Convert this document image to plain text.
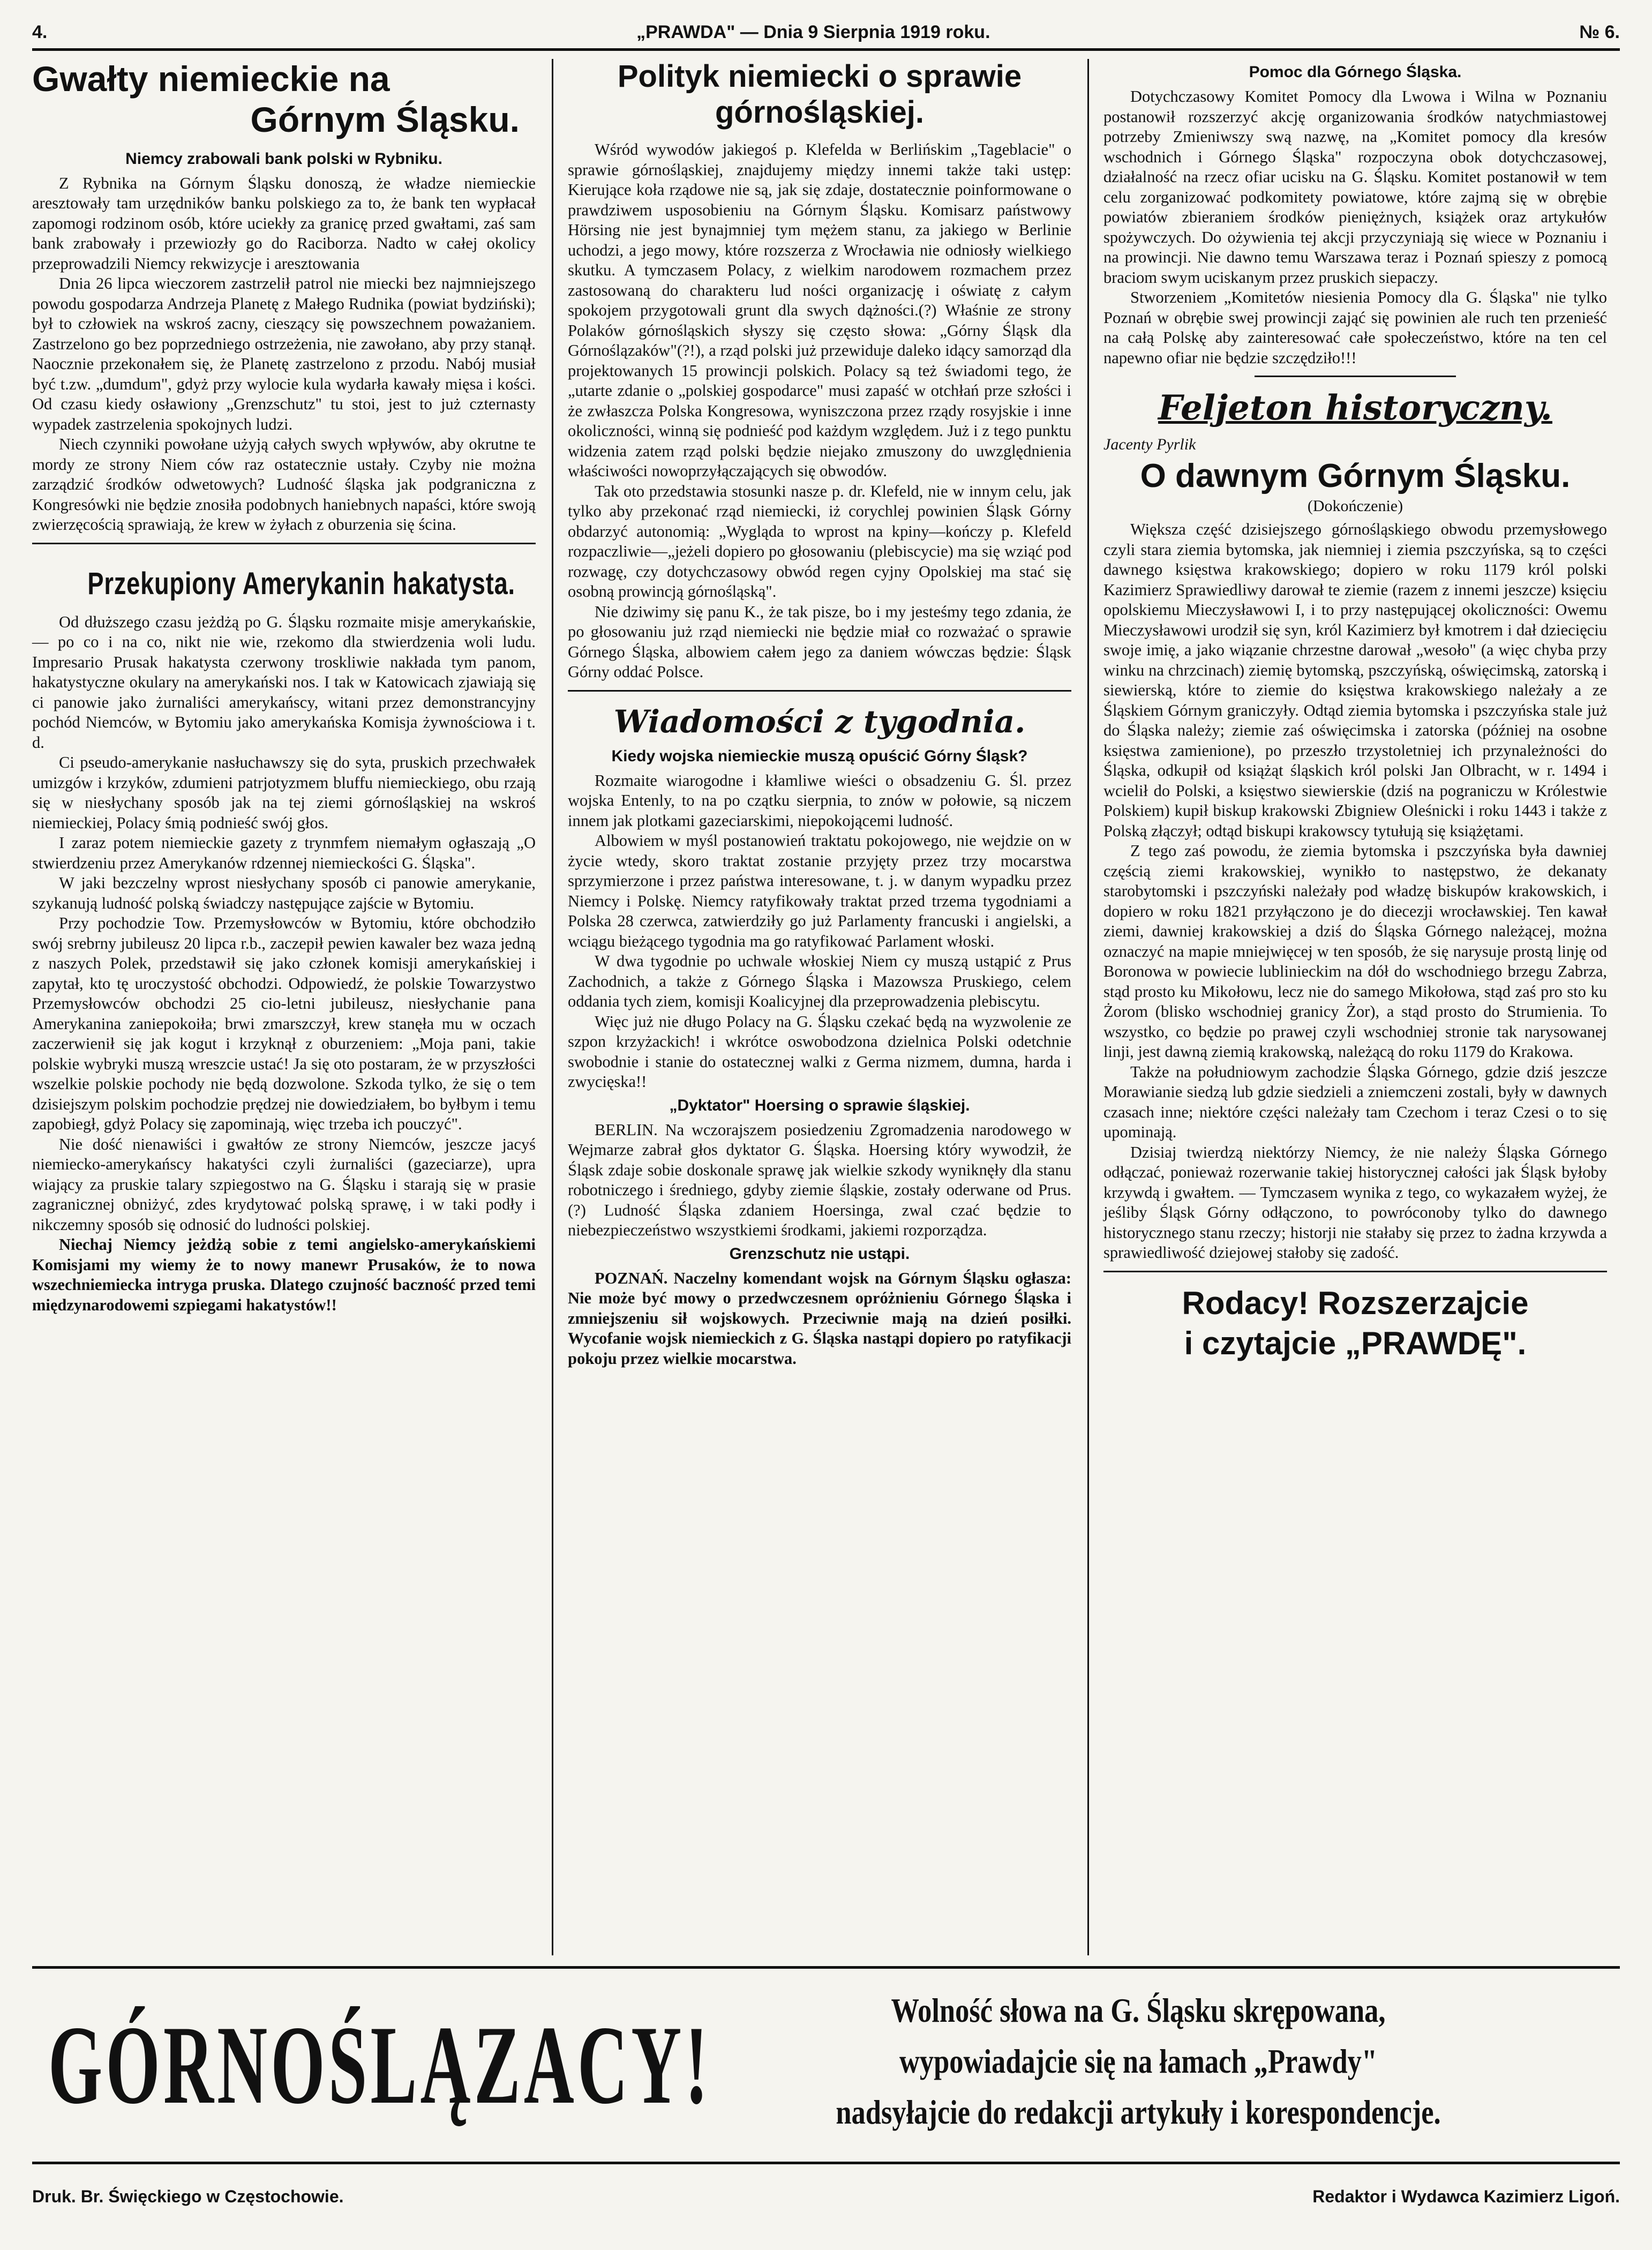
4.	„PRAWDA" — Dnia 9 Sierpnia 1919 roku.	№ 6.
Gwałty niemieckie na
Górnym Śląsku.
Niemcy zrabowali bank polski w Rybniku.

Z Rybnika na Górnym Śląsku donoszą, że władze niemieckie aresztowały tam urzędników banku polskiego za to, że bank ten wypłacał zapomogi rodzinom osób, które uciekły za granicę przed gwałtami, zaś sam bank zrabowały i przewiozły go do Raciborza. Nadto w całej okolicy przeprowadzili Niemcy rekwizycje i aresztowania

Dnia 26 lipca wieczorem zastrzelił patrol nie miecki bez najmniejszego powodu gospodarza Andrzeja Planetę z Małego Rudnika (powiat bydziński); był to człowiek na wskroś zacny, cieszący się powszechnem poważaniem. Zastrzelono go bez poprzedniego ostrzeżenia, nie zawołano, aby przy stanął. Naocznie przekonałem się, że Planetę zastrzelono z przodu. Nabój musiał być t.zw. „dumdum", gdyż przy wylocie kula wydarła kawały mięsa i kości. Od czasu kiedy osławiony „Grenzschutz" tu stoi, jest to już czternasty wypadek zastrzelenia spokojnych ludzi.

Niech czynniki powołane użyją całych swych wpływów, aby okrutne te mordy ze strony Niem ców raz ostatecznie ustały. Czyby nie można zarządzić środków odwetowych? Ludność śląska jak podgraniczna z Kongresówki nie będzie znosiła podobnych haniebnych napaści, które swoją zwierzęcością sprawiają, że krew w żyłach z oburzenia się ścina.

Przekupiony Amerykanin hakatysta.

Od dłuższego czasu jeżdżą po G. Śląsku rozmaite misje amerykańskie, — po co i na co, nikt nie wie, rzekomo dla stwierdzenia woli ludu. Impresario Prusak hakatysta czerwony troskliwie nakłada tym panom, hakatystyczne okulary na amerykański nos. I tak w Katowicach zjawiają się ci panowie jako żurnaliści amerykańscy, witani przez demonstrancyjny pochód Niemców, w Bytomiu jako amerykańska Komisja żywnościowa i t. d.

Ci pseudo-amerykanie nasłuchawszy się do syta, pruskich przechwałek umizgów i krzyków, zdumieni patrjotyzmem bluffu niemieckiego, obu rzają się w niesłychany sposób jak na tej ziemi górnośląskiej na wskroś niemieckiej, Polacy śmią podnieść swój głos.

I zaraz potem niemieckie gazety z trynmfem niemałym ogłaszają „O stwierdzeniu przez Amerykanów rdzennej niemieckości G. Śląska".

W jaki bezczelny wprost niesłychany sposób ci panowie amerykanie, szykanują ludność polską świadczy następujące zajście w Bytomiu.

Przy pochodzie Tow. Przemysłowców w Bytomiu, które obchodziło swój srebrny jubileusz 20 lipca r.b., zaczepił pewien kawaler bez waza jedną z naszych Polek, przedstawił się jako członek komisji amerykańskiej i zapytał, kto tę uroczystość obchodzi. Odpowiedź, że polskie Towarzystwo Przemysłowców obchodzi 25 cio-letni jubileusz, niesłychanie pana Amerykanina zaniepokoiła; brwi zmarszczył, krew stanęła mu w oczach zaczerwienił się jak kogut i krzyknął z oburzeniem: „Moja pani, takie polskie wybryki muszą wreszcie ustać! Ja się oto postaram, że w przyszłości wszelkie polskie pochody nie będą dozwolone. Szkoda tylko, że się o tem dzisiejszym polskim pochodzie prędzej nie dowiedziałem, bo byłbym i temu zapobiegł, gdyż Polacy się zapominają, więc trzeba ich pouczyć".

Nie dość nienawiści i gwałtów ze strony Niemców, jeszcze jacyś niemiecko-amerykańscy hakatyści czyli żurnaliści (gazeciarze), upra wiający za pruskie talary szpiegostwo na G. Śląsku i starają się w prasie zagranicznej obniżyć, zdes krydytować polską sprawę, i w taki podły i nikczemny sposób się odnosić do ludności polskiej.

Niechaj Niemcy jeżdżą sobie z temi angielsko-amerykańskiemi Komisjami my wiemy że to nowy manewr Prusaków, że to nowa wszechniemiecka intryga pruska. Dlatego czujność baczność przed temi międzynarodowemi szpiegami hakatystów!!

Polityk niemiecki o sprawie
górnośląskiej.

Wśród wywodów jakiegoś p. Klefelda w Berlińskim „Tageblacie" o sprawie górnośląskiej, znajdujemy między innemi także taki ustęp: Kierujące koła rządowe nie są, jak się zdaje, dostatecznie poinformowane o prawdziwem usposobieniu na Górnym Śląsku. Komisarz państwowy Hörsing nie jest bynajmniej tym mężem stanu, za jakiego w Berlinie uchodzi, a jego mowy, które rozszerza z Wrocławia nie odniosły wielkiego skutku. A tymczasem Polacy, z wielkim narodowem rozmachem przez zastosowaną do charakteru lud ności organizację i oświatę z całym spokojem przygotowali grunt dla swych dążności.(?) Właśnie ze strony Polaków górnośląskich słyszy się często słowa: „Górny Śląsk dla Górnoślązaków"(?!), a rząd polski już przewiduje daleko idący samorząd dla projektowanych 15 prowincji polskich. Polacy są też świadomi tego, że „utarte zdanie o „polskiej gospodarce" musi zapaść w otchłań prze szłości i że zwłaszcza Polska Kongresowa, wyniszczona przez rządy rosyjskie i inne okoliczności, winną się podnieść pod każdym względem. Już i z tego punktu widzenia zatem rząd polski będzie niejako zmuszony do uwzględnienia właściwości nowoprzyłączających się obwodów.

Tak oto przedstawia stosunki nasze p. dr. Klefeld, nie w innym celu, jak tylko aby przekonać rząd niemiecki, iż corychlej powinien Śląsk Górny obdarzyć autonomią: „Wygląda to wprost na kpiny—kończy p. Klefeld rozpaczliwie—„jeżeli dopiero po głosowaniu (plebiscycie) ma się wziąć pod rozwagę, czy dotychczasowy obwód regen cyjny Opolskiej ma stać się osobną prowincją górnośląską".

Nie dziwimy się panu K., że tak pisze, bo i my jesteśmy tego zdania, że po głosowaniu już rząd niemiecki nie będzie miał co rozważać o sprawie Górnego Śląska, albowiem całem jego za daniem wówczas będzie: Śląsk Górny oddać Polsce.

Wiadomości z tygodnia.
Kiedy wojska niemieckie muszą opuścić Górny Śląsk?

Rozmaite wiarogodne i kłamliwe wieści o obsadzeniu G. Śl. przez wojska Entenly, to na po czątku sierpnia, to znów w połowie, są niczem innem jak plotkami gazeciarskimi, niepokojącemi ludność.

Albowiem w myśl postanowień traktatu pokojowego, nie wejdzie on w życie wtedy, skoro traktat zostanie przyjęty przez trzy mocarstwa sprzymierzone i przez państwa interesowane, t. j. w danym wypadku przez Niemcy i Polskę. Niemcy ratyfikowały traktat przed trzema tygodniami a Polska 28 czerwca, zatwierdziły go już Parlamenty francuski i angielski, a wciągu bieżącego tygodnia ma go ratyfikować Parlament włoski.

W dwa tygodnie po uchwale włoskiej Niem cy muszą ustąpić z Prus Zachodnich, a także z Górnego Śląska i Mazowsza Pruskiego, celem oddania tych ziem, komisji Koalicyjnej dla przeprowadzenia plebiscytu.

Więc już nie długo Polacy na G. Śląsku czekać będą na wyzwolenie ze szpon krzyżackich! i wkrótce oswobodzona dzielnica Polski odetchnie swobodnie i stanie do ostatecznej walki z Germa nizmem, dumna, harda i zwycięska!!

„Dyktator" Hoersing o sprawie śląskiej.

BERLIN. Na wczorajszem posiedzeniu Zgromadzenia narodowego w Wejmarze zabrał głos dyktator G. Śląska. Hoersing który wywodził, że Śląsk zdaje sobie doskonale sprawę jak wielkie szkody wyniknęły dla stanu robotniczego i średniego, gdyby ziemie śląskie, zostały oderwane od Prus. (?) Ludność Śląska zdaniem Hoersinga, zwal czać będzie to niebezpieczeństwo wszystkiemi środkami, jakiemi rozporządza.

Grenzschutz nie ustąpi.

POZNAŃ. Naczelny komendant wojsk na Górnym Śląsku ogłasza: Nie może być mowy o przedwczesnem opróżnieniu Górnego Śląska i zmniejszeniu sił wojskowych. Przeciwnie mają na dzień posiłki. Wycofanie wojsk niemieckich z G. Śląska nastąpi dopiero po ratyfikacji pokoju przez wielkie mocarstwa.

Pomoc dla Górnego Śląska.

Dotychczasowy Komitet Pomocy dla Lwowa i Wilna w Poznaniu postanowił rozszerzyć akcję organizowania środków natychmiastowej potrzeby Zmieniwszy swą nazwę, na „Komitet pomocy dla kresów wschodnich i Górnego Śląska" rozpoczyna obok dotychczasowej, działalność na rzecz ofiar ucisku na G. Śląsku. Komitet postanowił w tem celu zorganizować podkomitety powiatowe, które zajmą się w obrębie powiatów zbieraniem środków pieniężnych, książek oraz artykułów spożywczych. Do ożywienia tej akcji przyczyniają się wiece w Poznaniu i na prowincji. Nie dawno temu Warszawa teraz i Poznań spieszy z pomocą braciom swym uciskanym przez pruskich siepaczy.

Stworzeniem „Komitetów niesienia Pomocy dla G. Śląska" nie tylko Poznań w obrębie swej prowincji zająć się powinien ale ruch ten przenieść na całą Polskę aby zainteresować całe społeczeństwo, które na ten cel napewno ofiar nie będzie szczędziło!!!

Feljeton historyczny.
Jacenty Pyrlik
O dawnym Górnym Śląsku.
(Dokończenie)

Większa część dzisiejszego górnośląskiego obwodu przemysłowego czyli stara ziemia bytomska, jak niemniej i ziemia pszczyńska, są to części dawnego księstwa krakowskiego; dopiero w roku 1179 król polski Kazimierz Sprawiedliwy darował te ziemie (razem z innemi jeszcze) księciu opolskiemu Mieczysławowi I, i to przy następującej okoliczności: Owemu Mieczysławowi urodził się syn, król Kazimierz był kmotrem i dał dziecięciu swoje imię, a jako wiązanie chrzestne darował „wesoło" (a więc chyba przy winku na chrzcinach) ziemię bytomską, pszczyńską, oświęcimską, zatorską i siewierską, które to ziemie do księstwa krakowskiego należały a ze Śląskiem Górnym graniczyły. Odtąd ziemia bytomska i pszczyńska stale już do Śląska należy; ziemie zaś oświęcimska i zatorska (później na osobne księstwa zamienione), po przeszło trzystoletniej ich przynależności do Śląska, odkupił od książąt śląskich król polski Jan Olbracht, w r. 1494 i wcielił do Polski, a księstwo siewierskie (dziś na pograniczu w Królestwie Polskiem) kupił biskup krakowski Zbigniew Oleśnicki i roku 1443 i także z Polską złączył; odtąd biskupi krakowscy tytułują się książętami.

Z tego zaś powodu, że ziemia bytomska i pszczyńska była dawniej częścią ziemi krakowskiej, wynikło to następstwo, że dekanaty starobytomski i pszczyński należały pod władzę biskupów krakowskich, i dopiero w roku 1821 przyłączono je do diecezji wrocławskiej. Ten kawał ziemi, dawniej krakowskiej a dziś do Śląska Górnego należącej, można oznaczyć na mapie mniejwięcej w ten sposób, że się narysuje prostą linję od Boronowa w powiecie lublinieckim na dół do wschodniego brzegu Zabrza, stąd prosto ku Mikołowu, lecz nie do samego Mikołowa, stąd zaś pro sto ku Żorom (blisko wschodniej granicy Żor), a stąd prosto do Strumienia. To wszystko, co będzie po prawej czyli wschodniej stronie tak narysowanej linji, jest dawną ziemią krakowską, należącą do roku 1179 do Krakowa.

Także na południowym zachodzie Śląska Górnego, gdzie dziś jeszcze Morawianie siedzą lub gdzie siedzieli a zniemczeni zostali, były w dawnych czasach inne; niektóre części należały tam Czechom i teraz Czesi o to się upominają.

Dzisiaj twierdzą niektórzy Niemcy, że nie należy Śląska Górnego odłączać, ponieważ rozerwanie takiej historycznej całości jak Śląsk byłoby krzywdą i gwałtem. — Tymczasem wynika z tego, co wykazałem wyżej, że jeśliby Śląsk Górny odłączono, to powróconoby tylko do dawnego historycznego stanu rzeczy; historji nie stałaby się przez to żadna krzywda a sprawiedliwość dziejowej stałoby się zadość.

Rodacy! Rozszerzajcie
i czytajcie „PRAWDĘ".
GÓRNOŚLĄZACY!	Wolność słowa na G. Śląsku skrępowana,
wypowiadajcie się na łamach „Prawdy"
nadsyłajcie do redakcji artykuły i korespondencje.
Druk. Br. Święckiego w Częstochowie.	Redaktor i Wydawca Kazimierz Ligoń.
